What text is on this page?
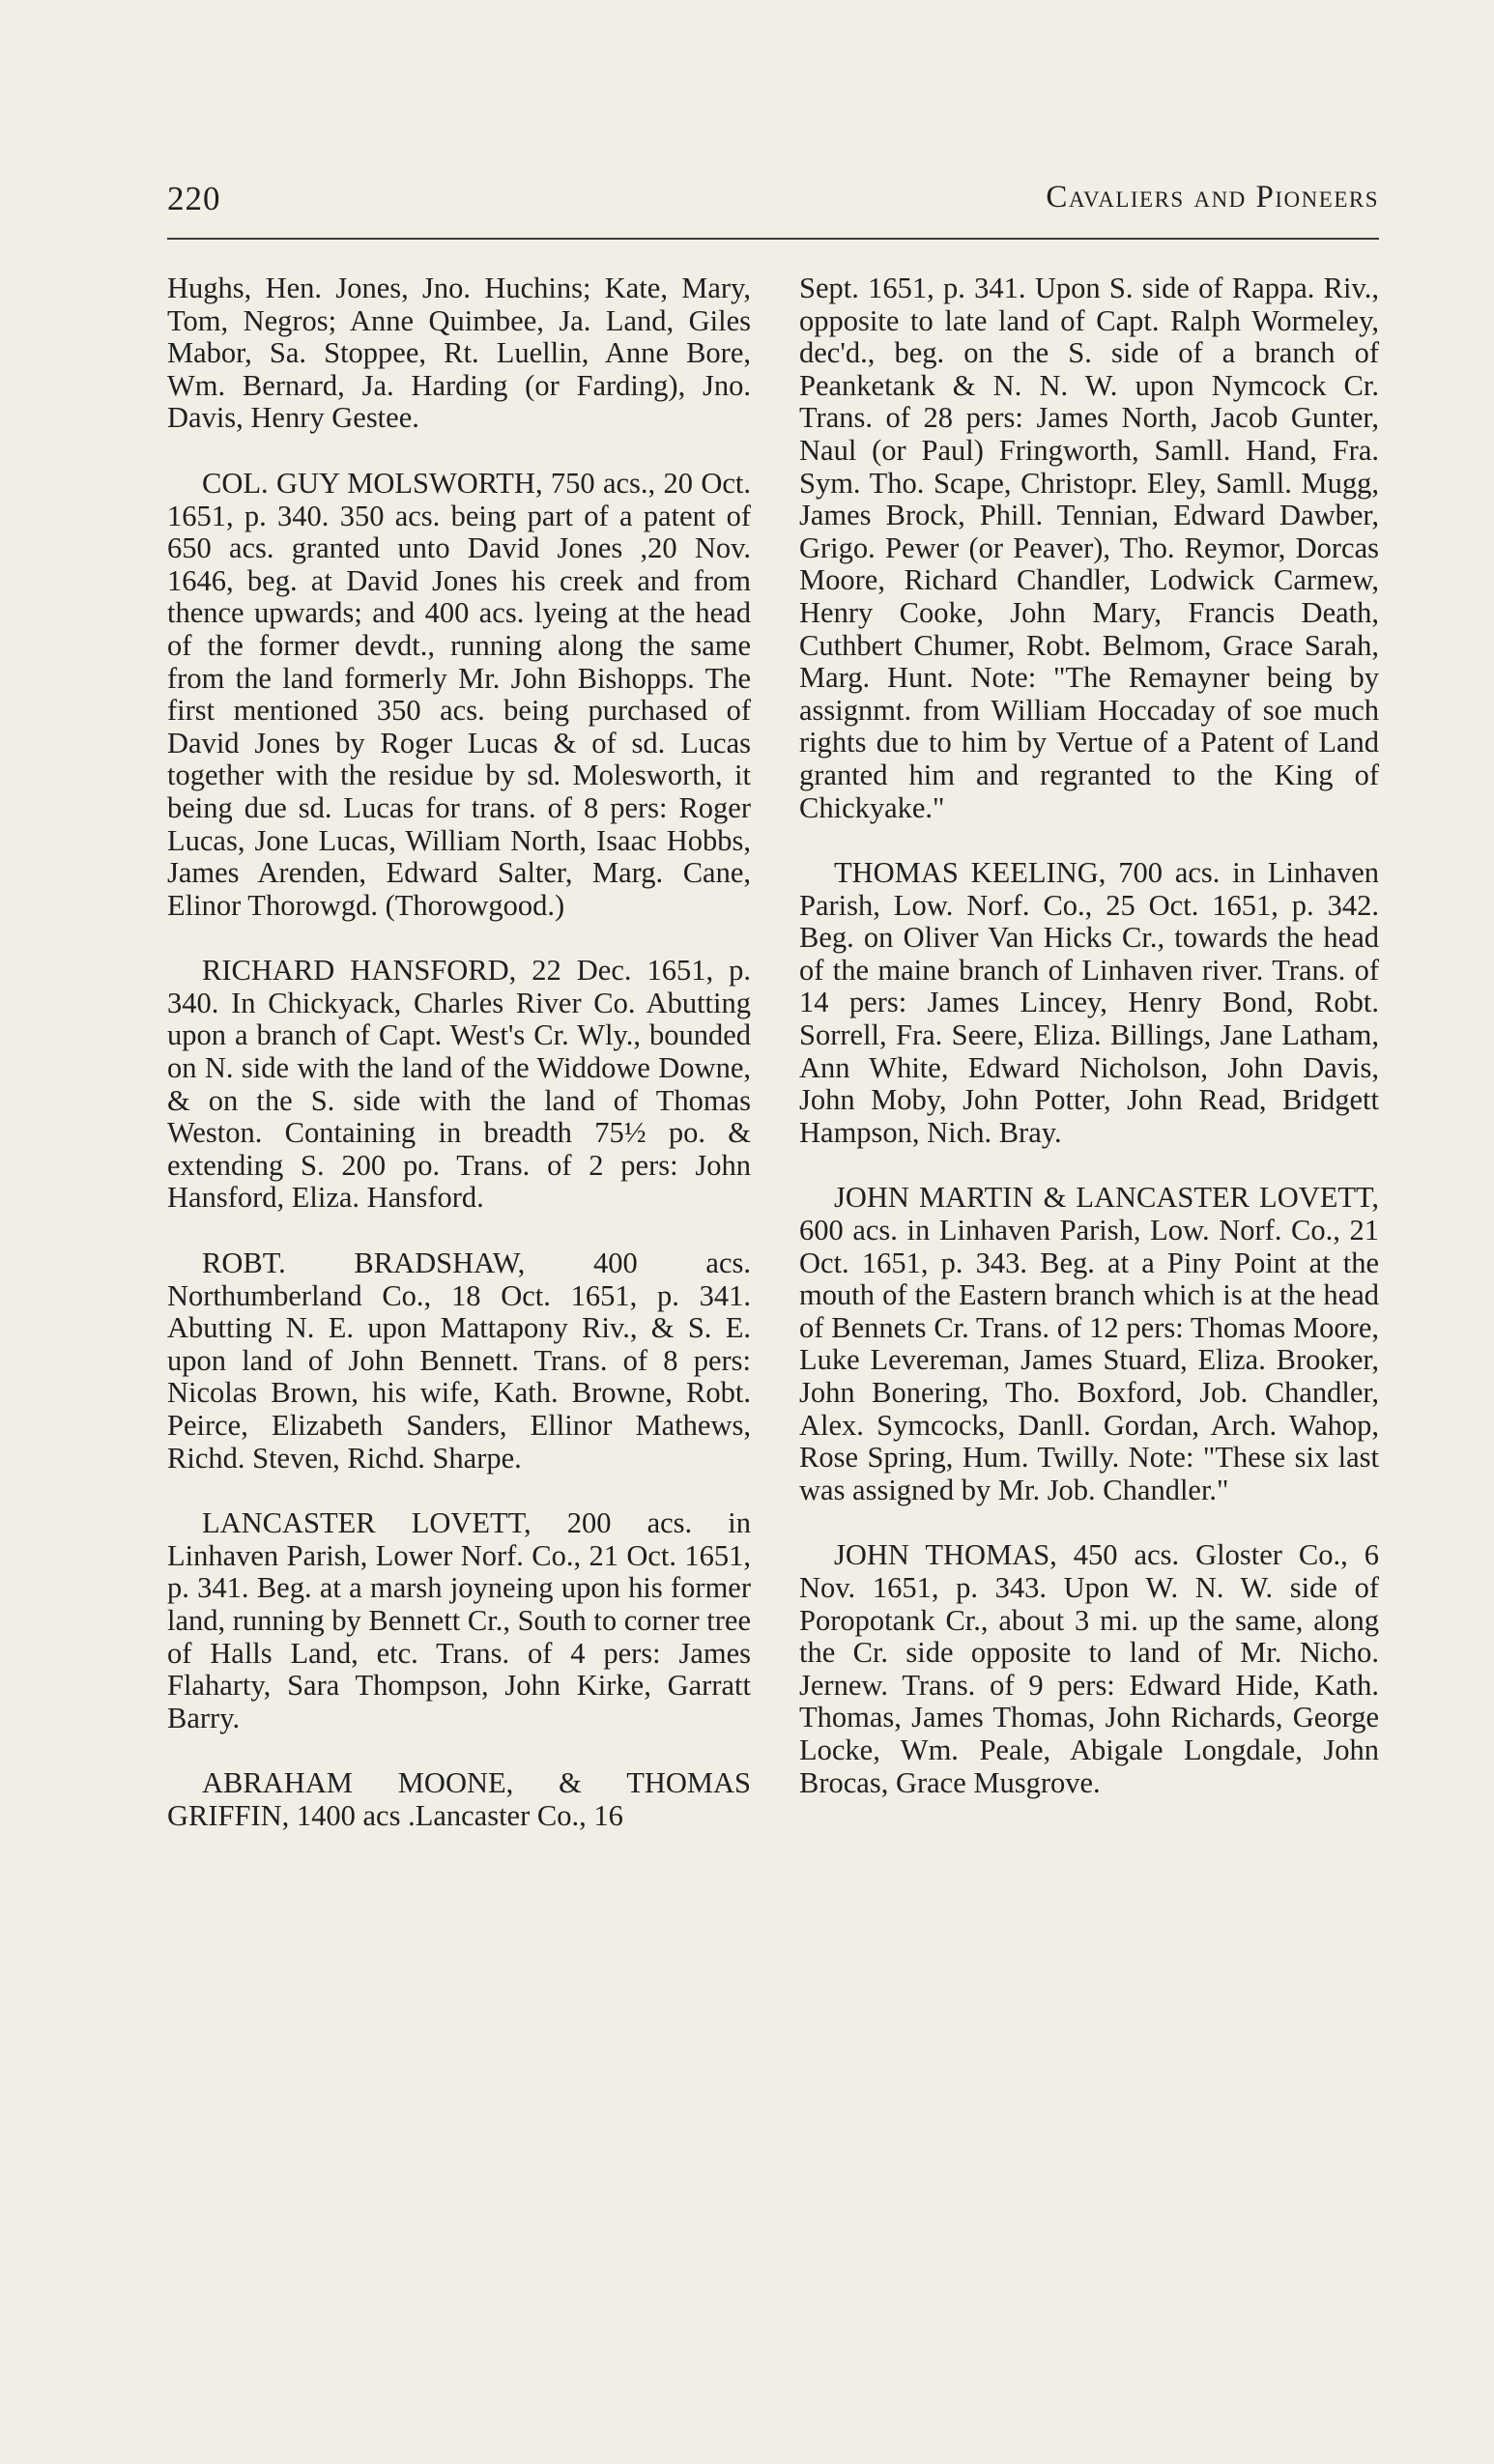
220	Cavaliers and Pioneers

Hughs, Hen. Jones, Jno. Huchins; Kate, Mary, Tom, Negros; Anne Quimbee, Ja. Land, Giles Mabor, Sa. Stoppee, Rt. Luellin, Anne Bore, Wm. Bernard, Ja. Harding (or Farding), Jno. Davis, Henry Gestee.

COL. GUY MOLSWORTH, 750 acs., 20 Oct. 1651, p. 340. 350 acs. being part of a patent of 650 acs. granted unto David Jones ,20 Nov. 1646, beg. at David Jones his creek and from thence upwards; and 400 acs. lyeing at the head of the former devdt., running along the same from the land formerly Mr. John Bishopps. The first mentioned 350 acs. being purchased of David Jones by Roger Lucas & of sd. Lucas together with the residue by sd. Molesworth, it being due sd. Lucas for trans. of 8 pers: Roger Lucas, Jone Lucas, William North, Isaac Hobbs, James Arenden, Edward Salter, Marg. Cane, Elinor Thorowgd. (Thorowgood.)

RICHARD HANSFORD, 22 Dec. 1651, p. 340. In Chickyack, Charles River Co. Abutting upon a branch of Capt. West's Cr. Wly., bounded on N. side with the land of the Widdowe Downe, & on the S. side with the land of Thomas Weston. Containing in breadth 75½ po. & extending S. 200 po. Trans. of 2 pers: John Hansford, Eliza. Hansford.

ROBT. BRADSHAW, 400 acs. Northumberland Co., 18 Oct. 1651, p. 341. Abutting N. E. upon Mattapony Riv., & S. E. upon land of John Bennett. Trans. of 8 pers: Nicolas Brown, his wife, Kath. Browne, Robt. Peirce, Elizabeth Sanders, Ellinor Mathews, Richd. Steven, Richd. Sharpe.

LANCASTER LOVETT, 200 acs. in Linhaven Parish, Lower Norf. Co., 21 Oct. 1651, p. 341. Beg. at a marsh joyneing upon his former land, running by Bennett Cr., South to corner tree of Halls Land, etc. Trans. of 4 pers: James Flaharty, Sara Thompson, John Kirke, Garratt Barry.

ABRAHAM MOONE, & THOMAS GRIFFIN, 1400 acs .Lancaster Co., 16

Sept. 1651, p. 341. Upon S. side of Rappa. Riv., opposite to late land of Capt. Ralph Wormeley, dec'd., beg. on the S. side of a branch of Peanketank & N. N. W. upon Nymcock Cr. Trans. of 28 pers: James North, Jacob Gunter, Naul (or Paul) Fringworth, Samll. Hand, Fra. Sym. Tho. Scape, Christopr. Eley, Samll. Mugg, James Brock, Phill. Tennian, Edward Dawber, Grigo. Pewer (or Peaver), Tho. Reymor, Dorcas Moore, Richard Chandler, Lodwick Carmew, Henry Cooke, John Mary, Francis Death, Cuthbert Chumer, Robt. Belmom, Grace Sarah, Marg. Hunt. Note: "The Remayner being by assignmt. from William Hoccaday of soe much rights due to him by Vertue of a Patent of Land granted him and regranted to the King of Chickyake."

THOMAS KEELING, 700 acs. in Linhaven Parish, Low. Norf. Co., 25 Oct. 1651, p. 342. Beg. on Oliver Van Hicks Cr., towards the head of the maine branch of Linhaven river. Trans. of 14 pers: James Lincey, Henry Bond, Robt. Sorrell, Fra. Seere, Eliza. Billings, Jane Latham, Ann White, Edward Nicholson, John Davis, John Moby, John Potter, John Read, Bridgett Hampson, Nich. Bray.

JOHN MARTIN & LANCASTER LOVETT, 600 acs. in Linhaven Parish, Low. Norf. Co., 21 Oct. 1651, p. 343. Beg. at a Piny Point at the mouth of the Eastern branch which is at the head of Bennets Cr. Trans. of 12 pers: Thomas Moore, Luke Levereman, James Stuard, Eliza. Brooker, John Bonering, Tho. Boxford, Job. Chandler, Alex. Symcocks, Danll. Gordan, Arch. Wahop, Rose Spring, Hum. Twilly. Note: "These six last was assigned by Mr. Job. Chandler."

JOHN THOMAS, 450 acs. Gloster Co., 6 Nov. 1651, p. 343. Upon W. N. W. side of Poropotank Cr., about 3 mi. up the same, along the Cr. side opposite to land of Mr. Nicho. Jernew. Trans. of 9 pers: Edward Hide, Kath. Thomas, James Thomas, John Richards, George Locke, Wm. Peale, Abigale Longdale, John Brocas, Grace Musgrove.
